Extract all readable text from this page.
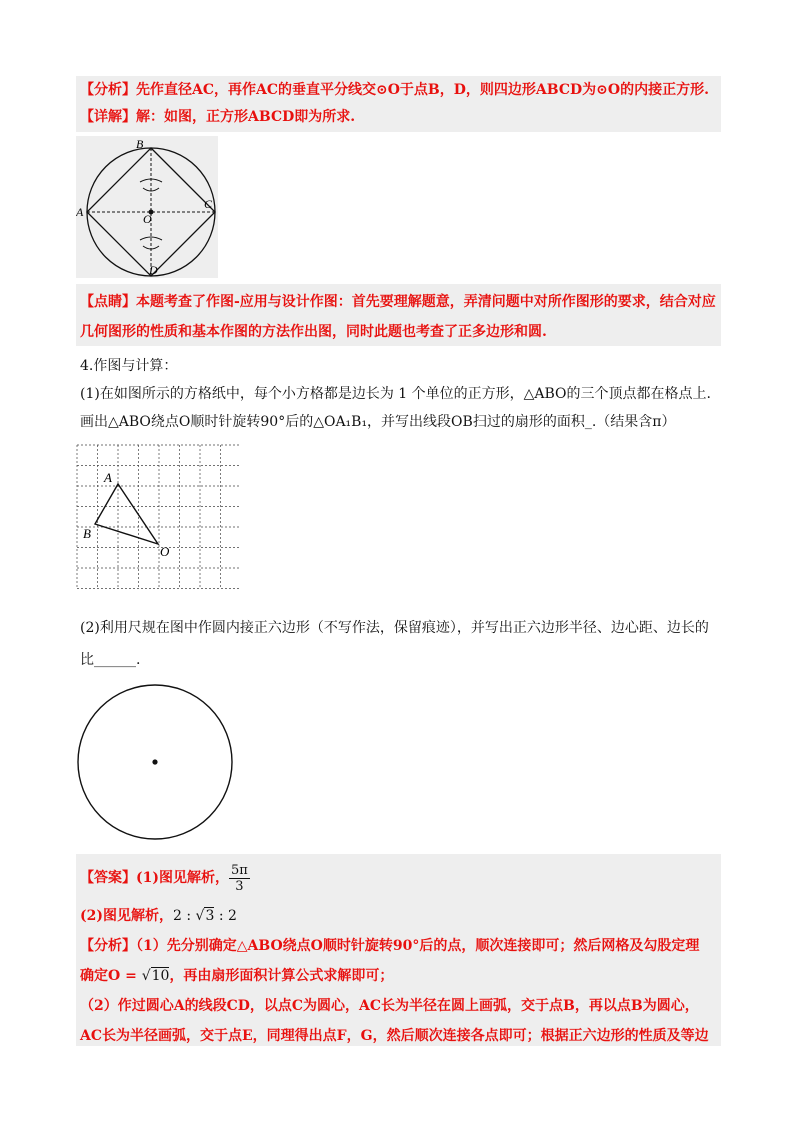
【分析】先作直径AC，再作AC的垂直平分线交⊙O于点B，D，则四边形ABCD为⊙O的内接正方形.
【详解】解：如图，正方形ABCD即为所求.
B
A
C
O
D
【点睛】本题考查了作图-应用与设计作图：首先要理解题意，弄清问题中对所作图形的要求，结合对应
几何图形的性质和基本作图的方法作出图，同时此题也考查了正多边形和圆.
4.作图与计算：
(1)在如图所示的方格纸中，每个小方格都是边长为 1 个单位的正方形，△ABO的三个顶点都在格点上.
画出△ABO绕点O顺时针旋转90°后的△OA₁B₁，并写出线段OB扫过的扇形的面积_.（结果含π）
A
B
O
(2)利用尺规在图中作圆内接正六边形（不写作法，保留痕迹），并写出正六边形半径、边心距、边长的
比______.
【答案】(1)图见解析， $\frac{5\pi}{3}$
(2)图见解析，2 : √3 : 2
【分析】（1）先分别确定△ABO绕点O顺时针旋转90°后的点，顺次连接即可；然后网格及勾股定理
确定O = √10，再由扇形面积计算公式求解即可；
（2）作过圆心A的线段CD，以点C为圆心，AC长为半径在圆上画弧，交于点B，再以点B为圆心，
AC长为半径画弧，交于点E，同理得出点F，G，然后顺次连接各点即可；根据正六边形的性质及等边
